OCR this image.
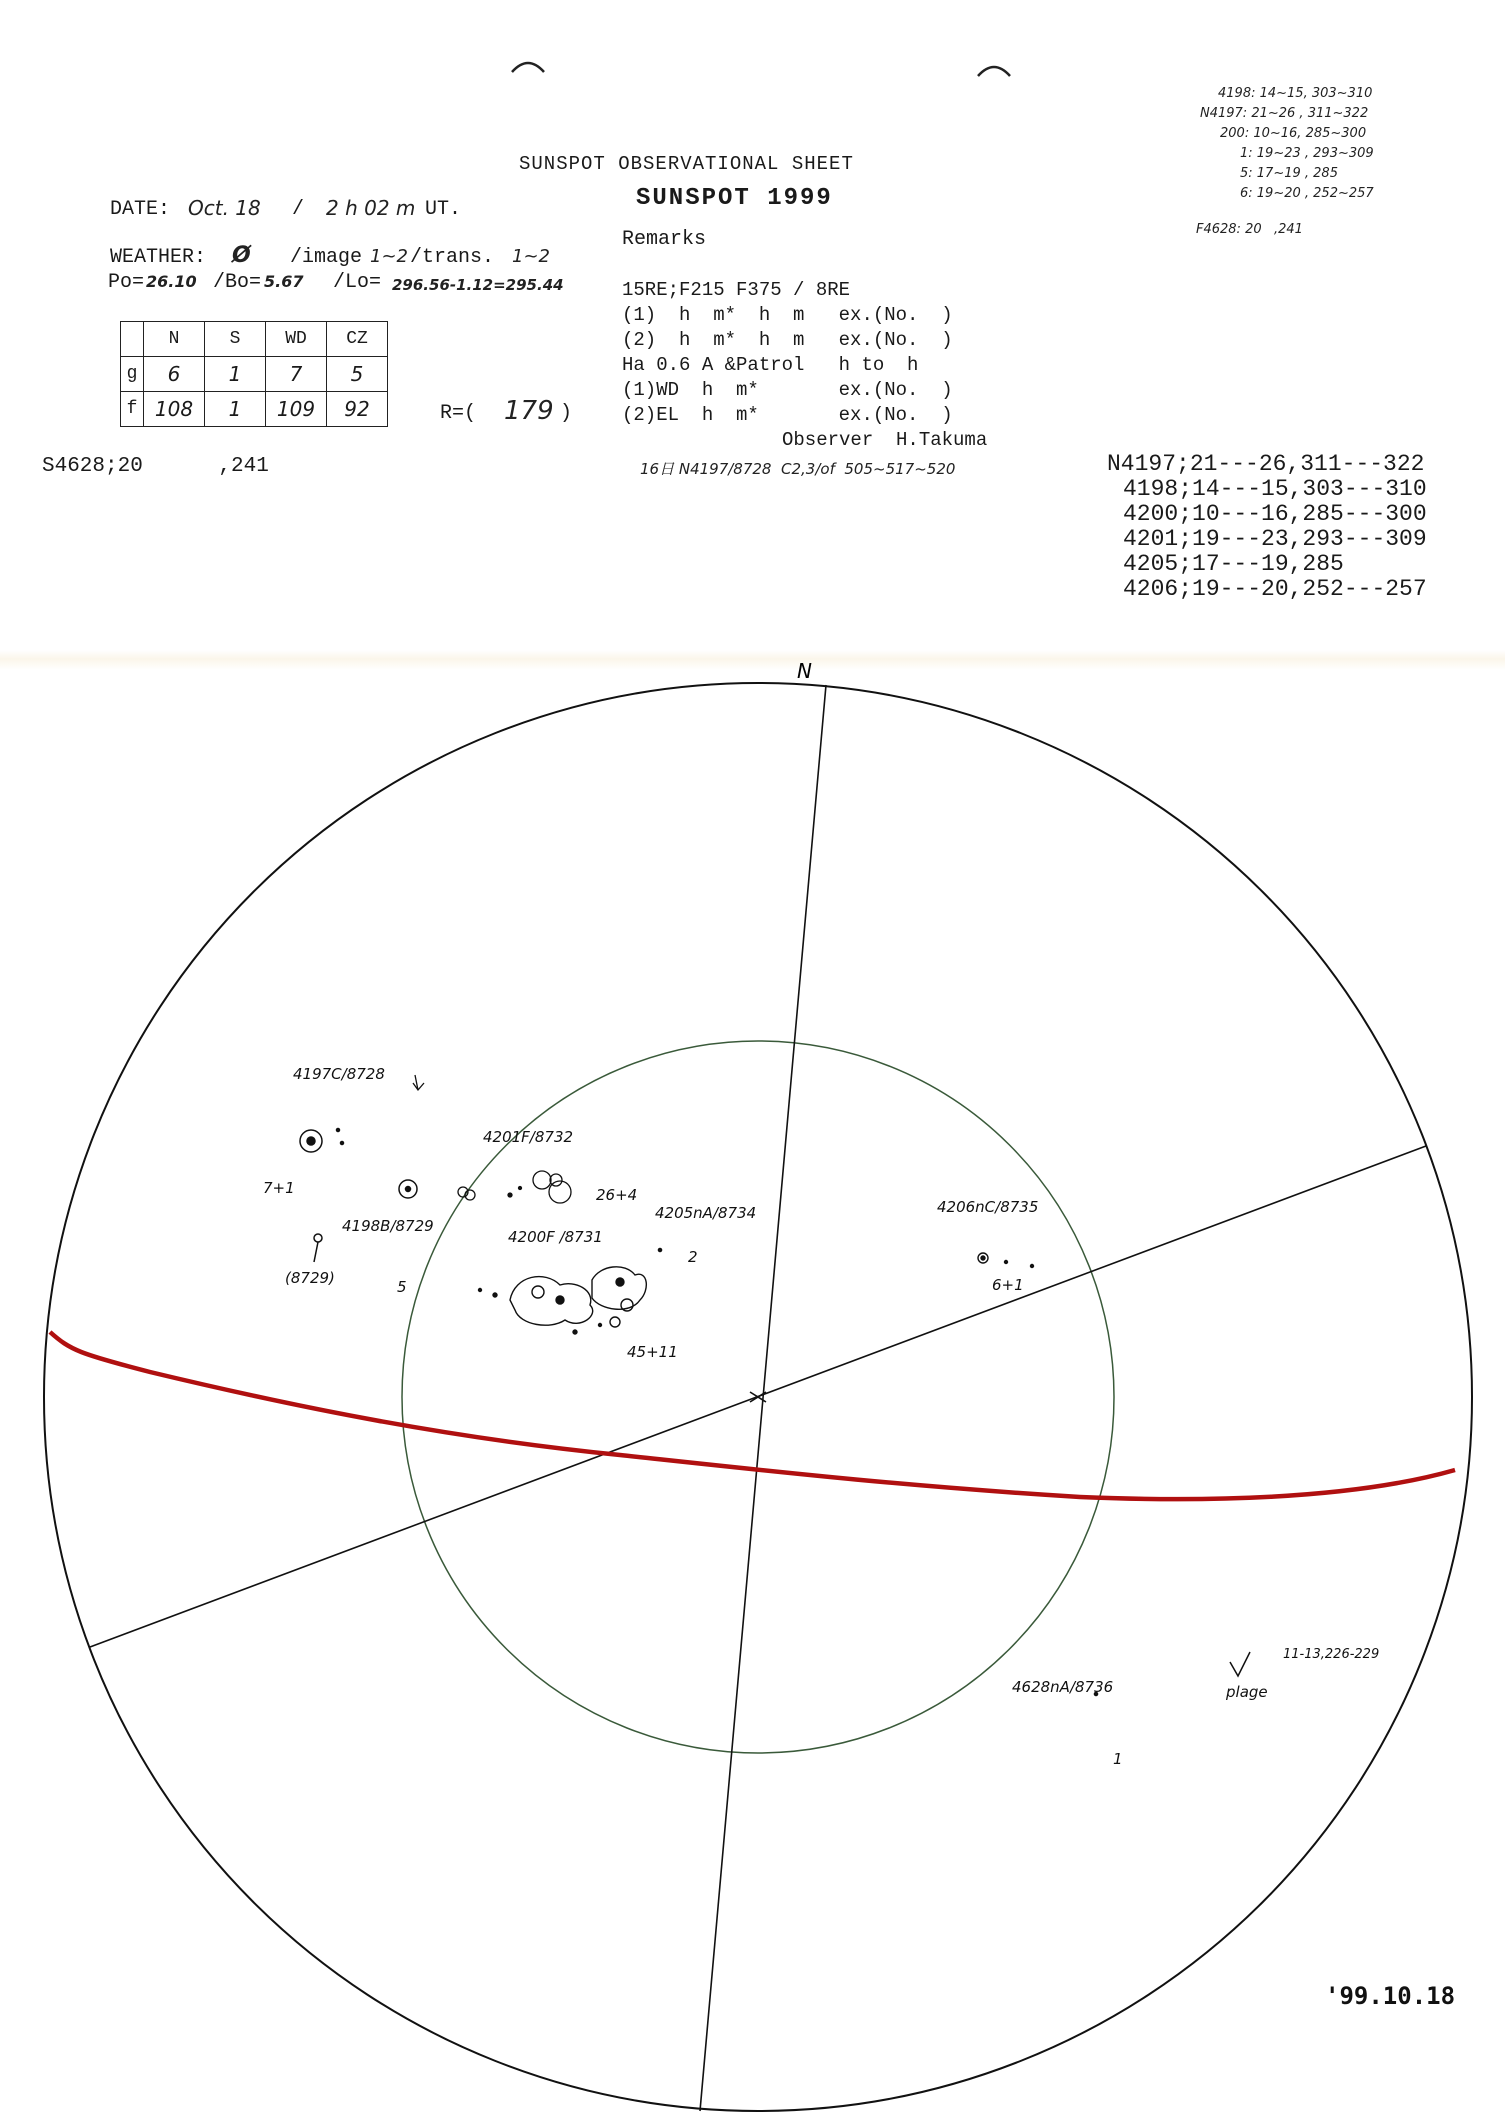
SUNSPOT OBSERVATIONAL SHEET
SUNSPOT 1999
DATE: Oct. 18 / 2 h 02 m UT.
WEATHER: Ø /image 1~2 /trans. 1~2
Po= 26.10 /Bo= 5.67 /Lo= 296.56-1.12=295.44
	N	S	WD	CZ
g	6	1	7	5
f	108	1	109	92	R=( 179 )
Remarks
15RE;F215 F375 / 8RE
(1)  h  m*  h  m   ex.(No.  )
(2)  h  m*  h  m   ex.(No.  )
Ha 0.6 A &Patrol   h to  h
(1)WD  h  m*       ex.(No.  )
(2)EL  h  m*       ex.(No.  )
Observer  H.Takuma
16日 N4197/8728  C2,3/of  505~517~520
S4628;20      ,241
4198: 14~15, 303~310
N4197: 21~26 , 311~322
200: 10~16, 285~300
1: 19~23 , 293~309
5: 17~19 , 285
6: 19~20 , 252~257
F4628: 20   ,241
N4197;21---26,311---322
4198;14---15,303---310
4200;10---16,285---300
4201;19---23,293---309
4205;17---19,285
4206;19---20,252---257
N
4197C/8728
4201F/8732
4198B/8729
4200F /8731
4205nA/8734	4206nC/8735
(8729)
4628nA/8736
7+1	26+4
5
2
45+11
6+1
1
plage
11-13,226-229
'99.10.18
